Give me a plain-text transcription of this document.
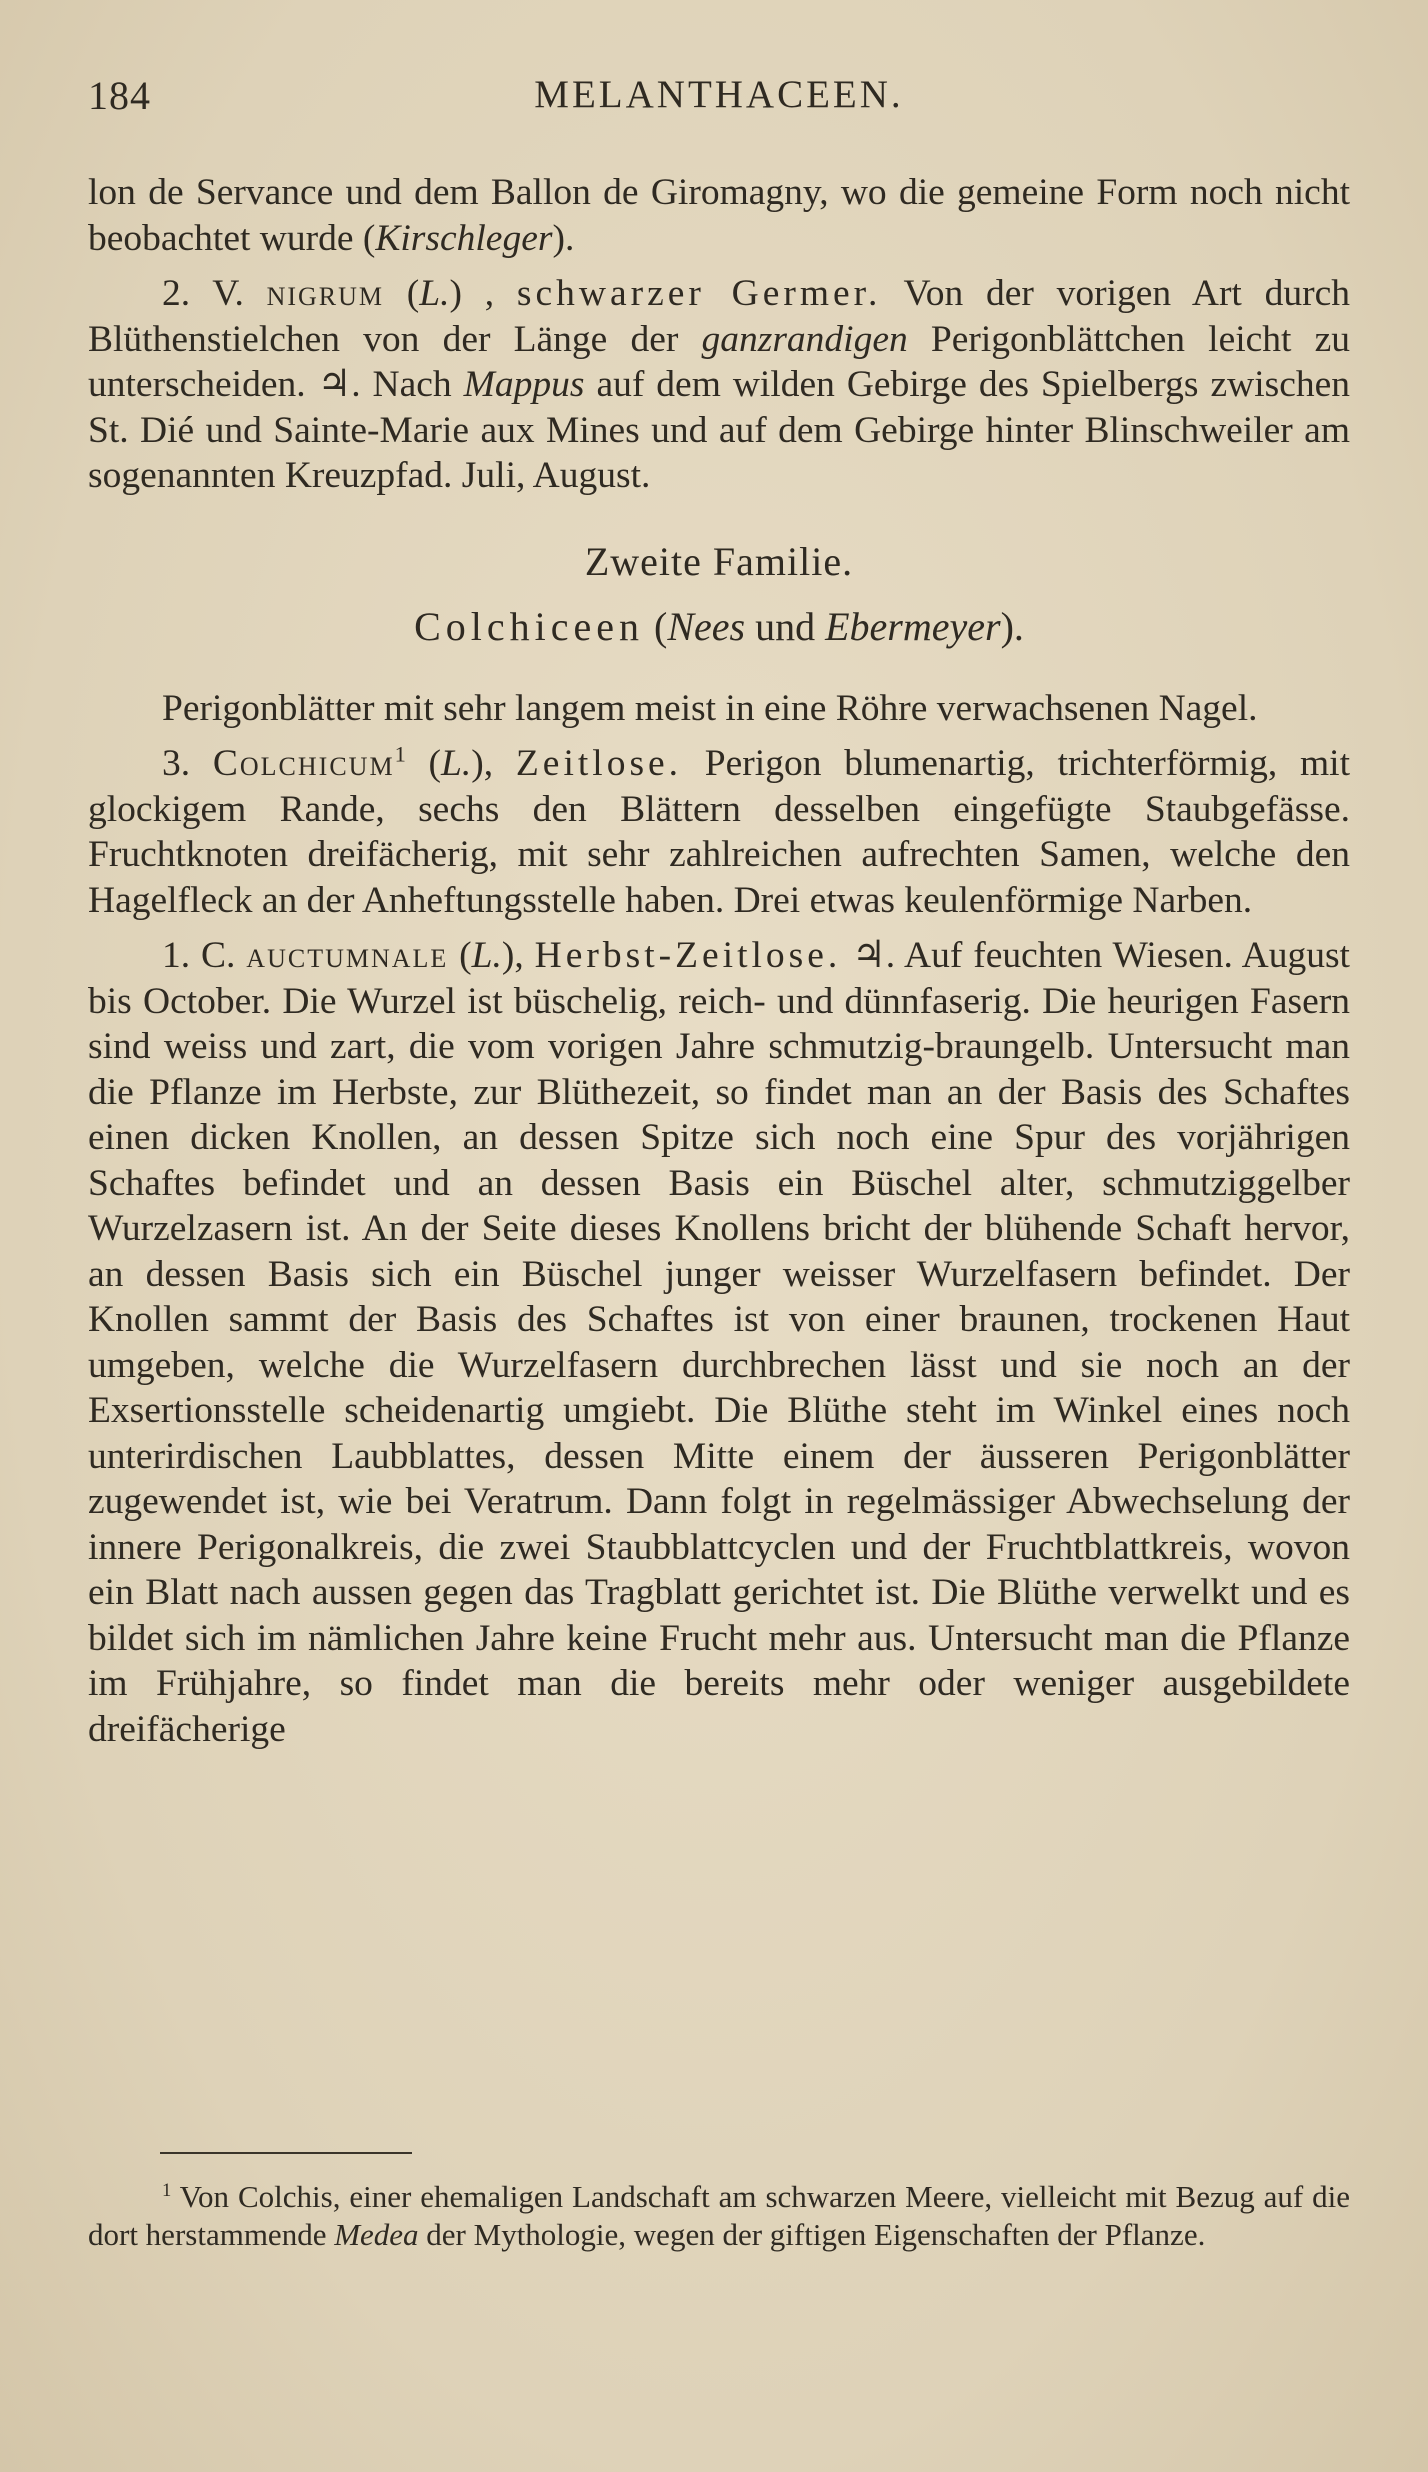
184	MELANTHACEEN.

lon de Servance und dem Ballon de Giromagny, wo die gemeine Form noch nicht beobachtet wurde (Kirschleger).

2. V. nigrum (L.) , schwarzer Germer. Von der vorigen Art durch Blüthenstielchen von der Länge der ganzrandigen Perigonblättchen leicht zu unterscheiden. ♃. Nach Mappus auf dem wilden Gebirge des Spielbergs zwischen St. Dié und Sainte-Marie aux Mines und auf dem Gebirge hinter Blinschweiler am sogenannten Kreuzpfad. Juli, August.

Zweite Familie.
Colchiceen (Nees und Ebermeyer).

Perigonblätter mit sehr langem meist in eine Röhre verwachsenen Nagel.

3. Colchicum$^1$ (L.), Zeitlose. Perigon blumenartig, trichterförmig, mit glockigem Rande, sechs den Blättern desselben eingefügte Staubgefässe. Fruchtknoten dreifächerig, mit sehr zahlreichen aufrechten Samen, welche den Hagelfleck an der Anheftungsstelle haben. Drei etwas keulenförmige Narben.

1. C. auctumnale (L.), Herbst-Zeitlose. ♃. Auf feuchten Wiesen. August bis October. Die Wurzel ist büschelig, reich- und dünnfaserig. Die heurigen Fasern sind weiss und zart, die vom vorigen Jahre schmutzig-braungelb. Untersucht man die Pflanze im Herbste, zur Blüthezeit, so findet man an der Basis des Schaftes einen dicken Knollen, an dessen Spitze sich noch eine Spur des vorjährigen Schaftes befindet und an dessen Basis ein Büschel alter, schmutziggelber Wurzelzasern ist. An der Seite dieses Knollens bricht der blühende Schaft hervor, an dessen Basis sich ein Büschel junger weisser Wurzelfasern befindet. Der Knollen sammt der Basis des Schaftes ist von einer braunen, trockenen Haut umgeben, welche die Wurzelfasern durchbrechen lässt und sie noch an der Exsertionsstelle scheidenartig umgiebt. Die Blüthe steht im Winkel eines noch unterirdischen Laubblattes, dessen Mitte einem der äusseren Perigonblätter zugewendet ist, wie bei Veratrum. Dann folgt in regelmässiger Abwechselung der innere Perigonalkreis, die zwei Staubblattcyclen und der Fruchtblattkreis, wovon ein Blatt nach aussen gegen das Tragblatt gerichtet ist. Die Blüthe verwelkt und es bildet sich im nämlichen Jahre keine Frucht mehr aus. Untersucht man die Pflanze im Frühjahre, so findet man die bereits mehr oder weniger ausgebildete dreifächerige

$^1$ Von Colchis, einer ehemaligen Landschaft am schwarzen Meere, vielleicht mit Bezug auf die dort herstammende Medea der Mythologie, wegen der giftigen Eigenschaften der Pflanze.
